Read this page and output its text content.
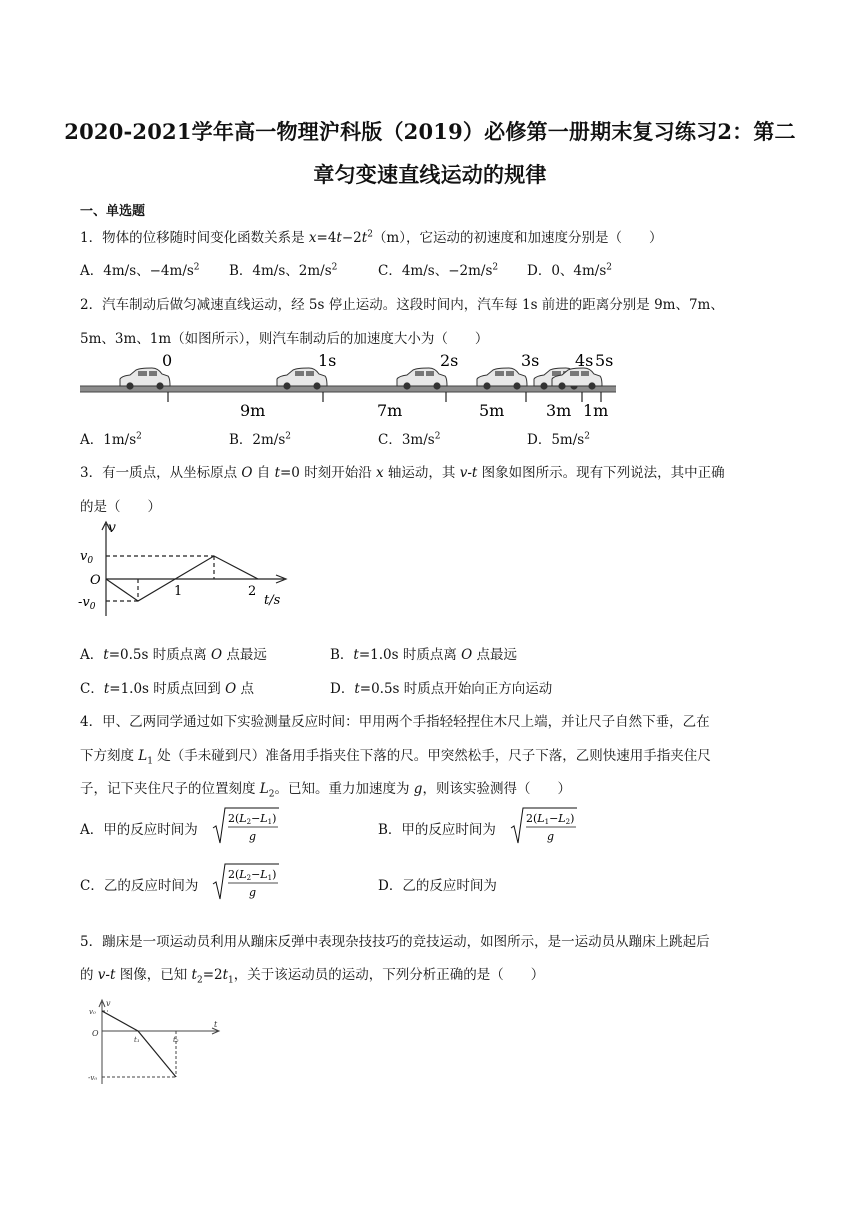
2020-2021学年高一物理沪科版（2019）必修第一册期末复习练习2：第二
章匀变速直线运动的规律
一、单选题
1．物体的位移随时间变化函数关系是 $x=4t-2t^2(m)$，它运动的初速度和加速度分别是（　　）
A．4m/s、$-4m/s^2$ B．4m/s、$2m/s^2$	C．4m/s、$-2m/s^2$ D．0、$4m/s^2$
2．汽车制动后做匀减速直线运动，经 5s 停止运动。这段时间内，汽车每 1s 前进的距离分别是 9m、7m、
5m、3m、1m（如图所示），则汽车制动后的加速度大小为（　　）
0	1s	2s	3s 4s 5s
9m	7m	5m	3m 1m
A．$1m/s^2$	B．$2m/s^2$	C．$3m/s^2$	D．$5m/s^2$
3．有一质点，从坐标原点 O 自 t=0 时刻开始沿 x 轴运动，其 v-t 图象如图所示。现有下列说法，其中正确
的是（　　）
v
$v_0$
O
$-v_0$
1	2
t/s
A．t=0.5s 时质点离 O 点最远	B．t=1.0s 时质点离 O 点最远
C．t=1.0s 时质点回到 O 点	D．t=0.5s 时质点开始向正方向运动
4．甲、乙两同学通过如下实验测量反应时间：甲用两个手指轻轻捏住木尺上端，并让尺子自然下垂，乙在
下方刻度 $L_1$ 处（手未碰到尺）准备用手指夹住下落的尺。甲突然松手，尺子下落，乙则快速用手指夹住尺
子，记下夹住尺子的位置刻度 $L_2$。已知。重力加速度为 g，则该实验测得（　　）
A．甲的反应时间为
2(L2−L1)
g	B．甲的反应时间为
2(L1−L2)
g
C．乙的反应时间为
2(L2−L1)
g	D．乙的反应时间为
5．蹦床是一项运动员利用从蹦床反弹中表现杂技技巧的竞技运动，如图所示，是一运动员从蹦床上跳起后
的 v-t 图像，已知 $t_2=2t_1$，关于该运动员的运动，下列分析正确的是（　　）
v
v₀
O
t₁	t₂
t
-v₀
